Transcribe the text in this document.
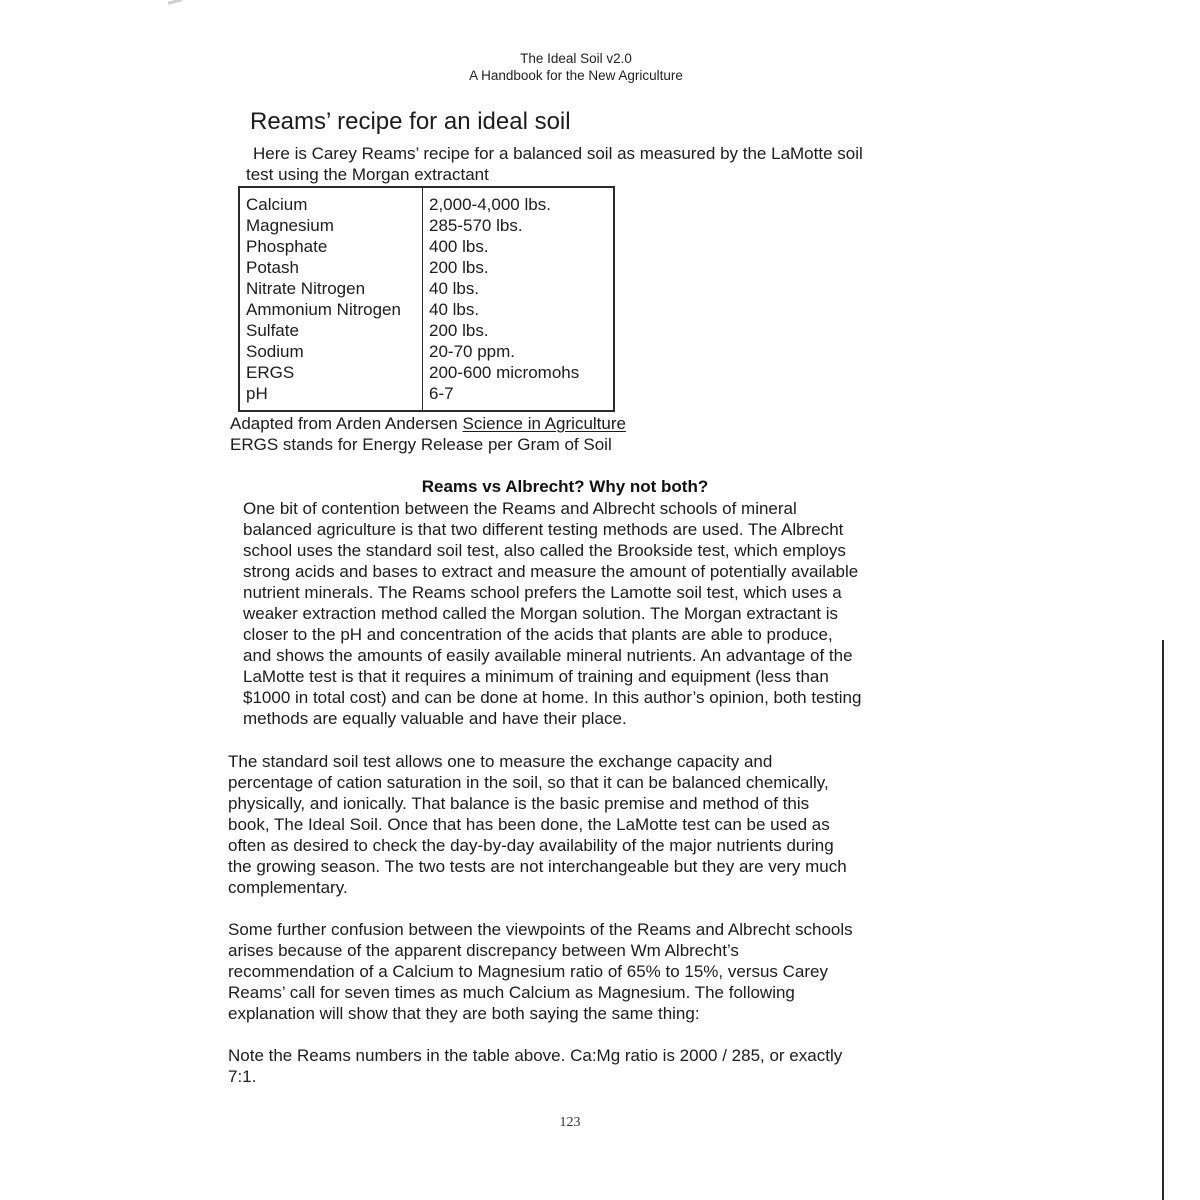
The Ideal Soil v2.0
A Handbook for the New Agriculture
Reams’ recipe for an ideal soil
Here is Carey Reams’ recipe for a balanced soil as measured by the LaMotte soil
test using the Morgan extractant
Calcium	2,000-4,000 lbs.
Magnesium	285-570 lbs.
Phosphate	400 lbs.
Potash	200 lbs.
Nitrate Nitrogen	40 lbs.
Ammonium Nitrogen	40 lbs.
Sulfate	200 lbs.
Sodium	20-70 ppm.
ERGS	200-600 micromohs
pH	6-7
Adapted from Arden Andersen Science in Agriculture
ERGS stands for Energy Release per Gram of Soil
Reams vs Albrecht? Why not both?
One bit of contention between the Reams and Albrecht schools of mineral
balanced agriculture is that two different testing methods are used. The Albrecht
school uses the standard soil test, also called the Brookside test, which employs
strong acids and bases to extract and measure the amount of potentially available
nutrient minerals. The Reams school prefers the Lamotte soil test, which uses a
weaker extraction method called the Morgan solution. The Morgan extractant is
closer to the pH and concentration of the acids that plants are able to produce,
and shows the amounts of easily available mineral nutrients. An advantage of the
LaMotte test is that it requires a minimum of training and equipment (less than
$1000 in total cost) and can be done at home. In this author’s opinion, both testing
methods are equally valuable and have their place.
The standard soil test allows one to measure the exchange capacity and
percentage of cation saturation in the soil, so that it can be balanced chemically,
physically, and ionically. That balance is the basic premise and method of this
book, The Ideal Soil. Once that has been done, the LaMotte test can be used as
often as desired to check the day-by-day availability of the major nutrients during
the growing season. The two tests are not interchangeable but they are very much
complementary.
Some further confusion between the viewpoints of the Reams and Albrecht schools
arises because of the apparent discrepancy between Wm Albrecht’s
recommendation of a Calcium to Magnesium ratio of 65% to 15%, versus Carey
Reams’ call for seven times as much Calcium as Magnesium. The following
explanation will show that they are both saying the same thing:
Note the Reams numbers in the table above. Ca:Mg ratio is 2000 / 285, or exactly
7:1.
123
